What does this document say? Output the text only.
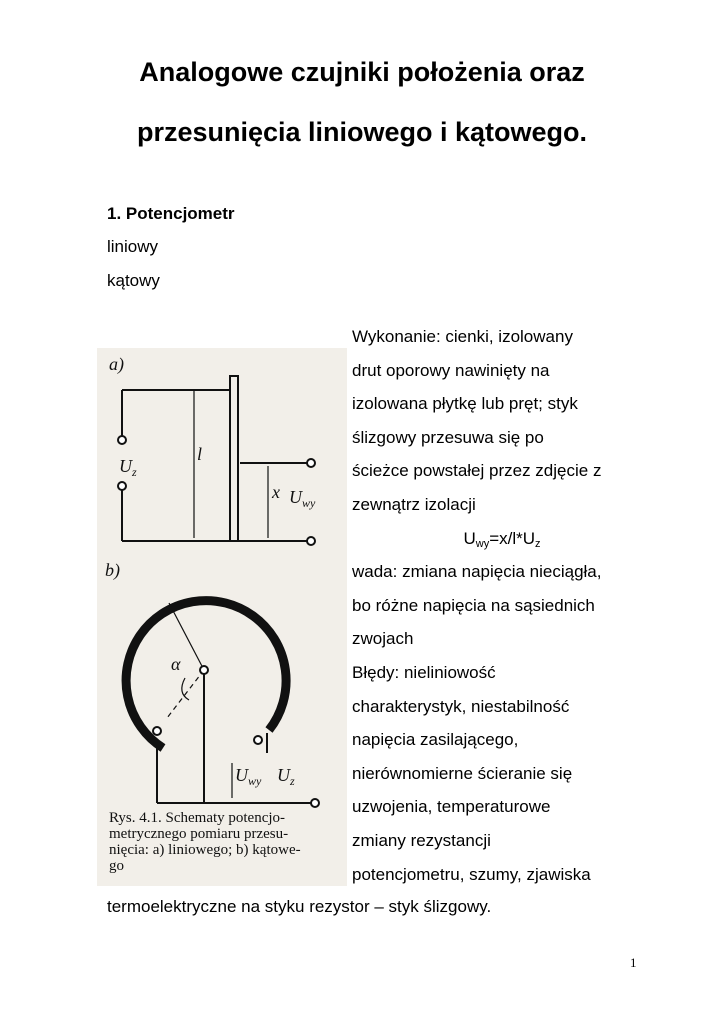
Analogowe czujniki położenia oraz
przesunięcia liniowego i kątowego.
1. Potencjometr
liniowy
kątowy
a)
b)
$U_z$
l
x $U_{wy}$
α
$U_{wy}$ $U_z$
Rys. 4.1. Schematy potencjo-
metrycznego pomiaru przesu-
nięcia: a) liniowego; b) kątowe-
go
Wykonanie: cienki, izolowany
drut oporowy nawinięty na
izolowana płytkę lub pręt; styk
ślizgowy przesuwa się po
ścieżce powstałej przez zdjęcie z
zewnątrz izolacji
$U_{wy}=x/l*U_z$
wada: zmiana napięcia nieciągła,
bo różne napięcia na sąsiednich
zwojach
Błędy: nieliniowość
charakterystyk, niestabilność
napięcia zasilającego,
nierównomierne ścieranie się
uzwojenia, temperaturowe
zmiany rezystancji
potencjometru, szumy, zjawiska
termoelektryczne na styku rezystor – styk ślizgowy.
1
